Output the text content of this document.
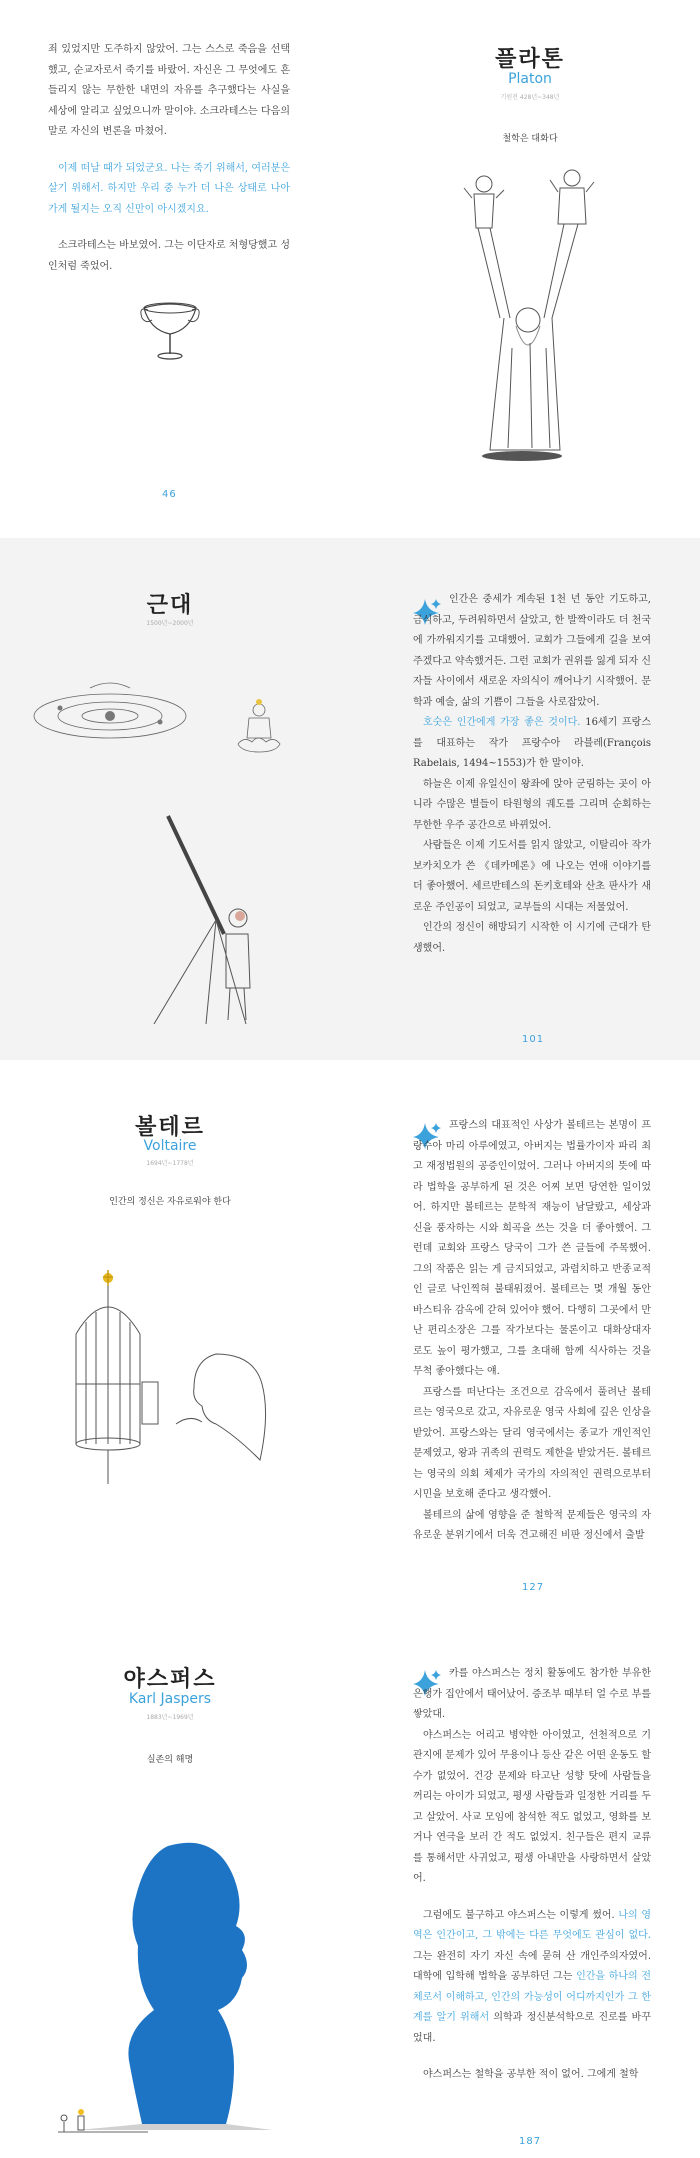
죄 있었지만 도주하지 않았어. 그는 스스로 죽음을 선택했고, 순교자로서 죽기를 바랐어. 자신은 그 무엇에도 흔들리지 않는 무한한 내면의 자유를 추구했다는 사실을 세상에 알리고 싶었으니까 말이야. 소크라테스는 다음의 말로 자신의 변론을 마쳤어.

이제 떠날 때가 되었군요. 나는 죽기 위해서, 여러분은 살기 위해서. 하지만 우리 중 누가 더 나은 상태로 나아가게 될지는 오직 신만이 아시겠지요.

소크라테스는 바보였어. 그는 이단자로 처형당했고 성인처럼 죽었어.

46
플라톤
Platon
기원전 428년~348년
철학은 대화다
근대
1500년~2000년

인간은 중세가 계속된 1천 년 동안 기도하고, 금식하고, 두려워하면서 살았고, 한 발짝이라도 더 천국에 가까워지기를 고대했어. 교회가 그들에게 길을 보여주겠다고 약속했거든. 그런 교회가 권위를 잃게 되자 신자들 사이에서 새로운 자의식이 깨어나기 시작했어. 문학과 예술, 삶의 기쁨이 그들을 사로잡았어.

호숫은 인간에게 가장 좋은 것이다. 16세기 프랑스를 대표하는 작가 프랑수아 라블레(François Rabelais, 1494~1553)가 한 말이야.

하늘은 이제 유일신이 왕좌에 앉아 군림하는 곳이 아니라 수많은 별들이 타원형의 궤도를 그리며 순회하는 무한한 우주 공간으로 바뀌었어.

사람들은 이제 기도서를 읽지 않았고, 이탈리아 작가 보카치오가 쓴 《데카메론》에 나오는 연애 이야기를 더 좋아했어. 세르반테스의 돈키호테와 산초 판사가 새로운 주인공이 되었고, 교부들의 시대는 저물었어.

인간의 정신이 해방되기 시작한 이 시기에 근대가 탄생했어.

101
볼테르
Voltaire
1694년~1778년
인간의 정신은 자유로워야 한다

프랑스의 대표적인 사상가 볼테르는 본명이 프랑수아 마리 아루에였고, 아버지는 법률가이자 파리 최고 재정법원의 공증인이었어. 그러나 아버지의 뜻에 따라 법학을 공부하게 된 것은 어찌 보면 당연한 일이었어. 하지만 볼테르는 문학적 재능이 남달랐고, 세상과 신을 풍자하는 시와 희곡을 쓰는 것을 더 좋아했어. 그런데 교회와 프랑스 당국이 그가 쓴 글들에 주목했어. 그의 작품은 읽는 게 금지되었고, 과렴치하고 반종교적인 글로 낙인찍혀 불태워졌어. 볼테르는 몇 개월 동안 바스티유 감옥에 갇혀 있어야 했어. 다행히 그곳에서 만난 편리소장은 그를 작가보다는 물론이고 대화상대자로도 높이 평가했고, 그를 초대해 함께 식사하는 것을 무척 좋아했다는 얘.

프랑스를 떠난다는 조건으로 감옥에서 풀려난 볼테르는 영국으로 갔고, 자유로운 영국 사회에 깊은 인상을 받았어. 프랑스와는 달리 영국에서는 종교가 개인적인 문제였고, 왕과 귀족의 권력도 제한을 받았거든. 볼테르는 영국의 의회 체제가 국가의 자의적인 권력으로부터 시민을 보호해 준다고 생각했어.

볼테르의 삶에 영향을 준 철학적 문제들은 영국의 자유로운 분위기에서 더욱 견고해진 비판 정신에서 출발

127
야스퍼스
Karl Jaspers
1883년~1969년
실존의 해명

카를 야스퍼스는 정치 활동에도 참가한 부유한 은행가 집안에서 태어났어. 증조부 때부터 얼 수로 부를 쌓았대.

야스퍼스는 어리고 병약한 아이였고, 선천적으로 기관지에 문제가 있어 무용이나 등산 같은 어떤 운동도 할 수가 없었어. 건강 문제와 타고난 성향 탓에 사람들을 꺼리는 아이가 되었고, 평생 사람들과 일정한 거리를 두고 살았어. 사교 모임에 참석한 적도 없었고, 영화를 보거나 연극을 보러 간 적도 없었지. 친구들은 편지 교류를 통해서만 사귀었고, 평생 아내만을 사랑하면서 살았어.

그럼에도 불구하고 야스퍼스는 이렇게 썼어. 나의 영역은 인간이고, 그 밖에는 다른 무엇에도 관심이 없다. 그는 완전히 자기 자신 속에 묻혀 산 개인주의자였어. 대학에 입학해 법학을 공부하던 그는 인간을 하나의 전체로서 이해하고, 인간의 가능성이 어디까지인가 그 한계를 알기 위해서 의학과 정신분석학으로 진로를 바꾸었대.

야스퍼스는 철학을 공부한 적이 없어. 그에게 철학

187
